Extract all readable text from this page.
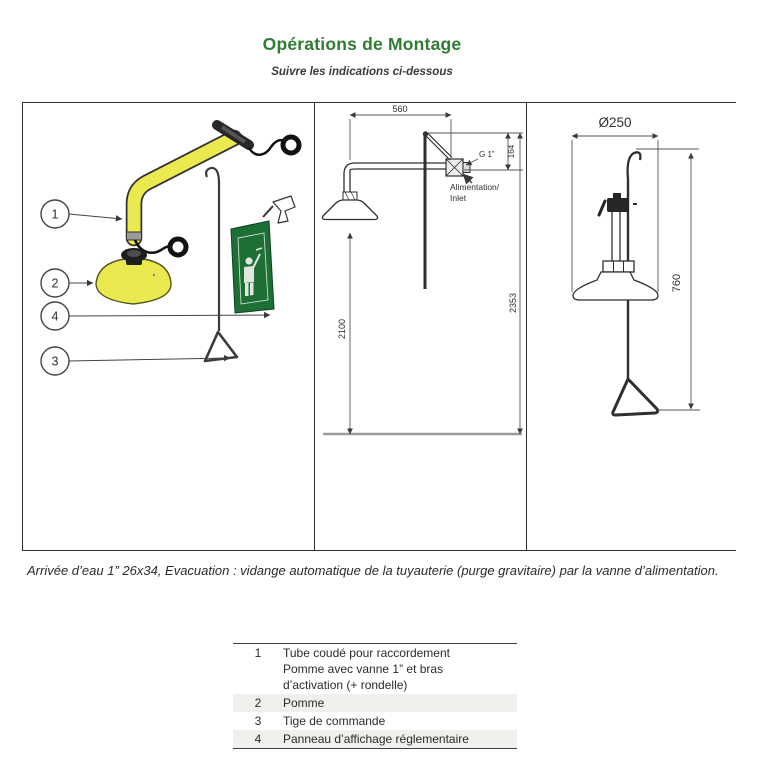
Opérations de Montage
Suivre les indications ci-dessous
1
2
4
3
560
164
2353
2100
G 1”
Alimentation/
Inlet
Ø250
760
Arrivée d’eau 1” 26x34, Evacuation : vidange automatique de la tuyauterie (purge gravitaire) par la vanne d’alimentation.
1	Tube coudé pour raccordement
Pomme avec vanne 1” et bras
d’activation (+ rondelle)
2	Pomme
3	Tige de commande
4	Panneau d’affichage réglementaire
